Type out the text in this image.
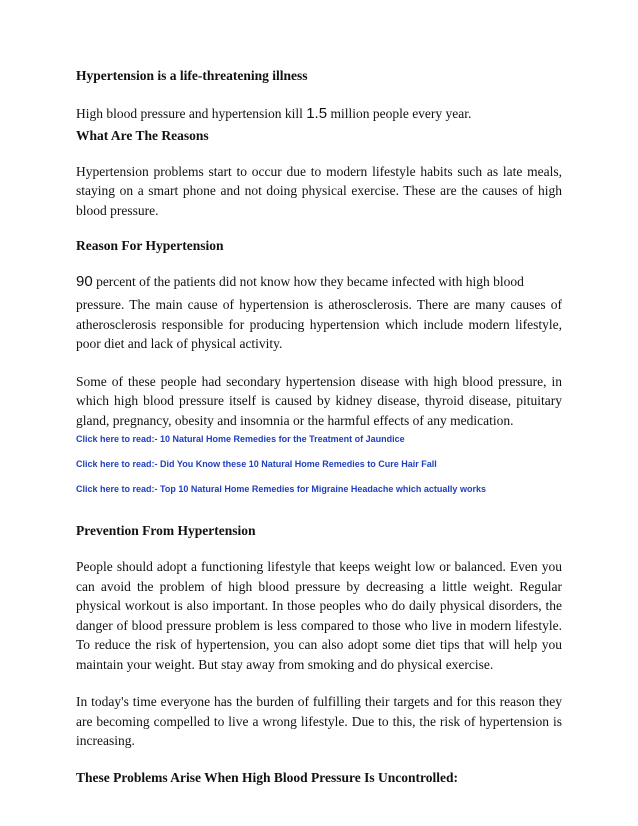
Hypertension is a life-threatening illness

High blood pressure and hypertension kill 1.5 million people every year.

What Are The Reasons

Hypertension problems start to occur due to modern lifestyle habits such as late meals, staying on a smart phone and not doing physical exercise. These are the causes of high blood pressure.

Reason For Hypertension

90 percent of the patients did not know how they became infected with high blood

pressure. The main cause of hypertension is atherosclerosis. There are many causes of atherosclerosis responsible for producing hypertension which include modern lifestyle, poor diet and lack of physical activity.

Some of these people had secondary hypertension disease with high blood pressure, in which high blood pressure itself is caused by kidney disease, thyroid disease, pituitary gland, pregnancy, obesity and insomnia or the harmful effects of any medication.

Click here to read:- 10 Natural Home Remedies for the Treatment of Jaundice
Click here to read:- Did You Know these 10 Natural Home Remedies to Cure Hair Fall
Click here to read:- Top 10 Natural Home Remedies for Migraine Headache which actually works

Prevention From Hypertension

People should adopt a functioning lifestyle that keeps weight low or balanced. Even you can avoid the problem of high blood pressure by decreasing a little weight. Regular physical workout is also important. In those peoples who do daily physical disorders, the danger of blood pressure problem is less compared to those who live in modern lifestyle. To reduce the risk of hypertension, you can also adopt some diet tips that will help you maintain your weight. But stay away from smoking and do physical exercise.

In today's time everyone has the burden of fulfilling their targets and for this reason they are becoming compelled to live a wrong lifestyle. Due to this, the risk of hypertension is increasing.

These Problems Arise When High Blood Pressure Is Uncontrolled:
